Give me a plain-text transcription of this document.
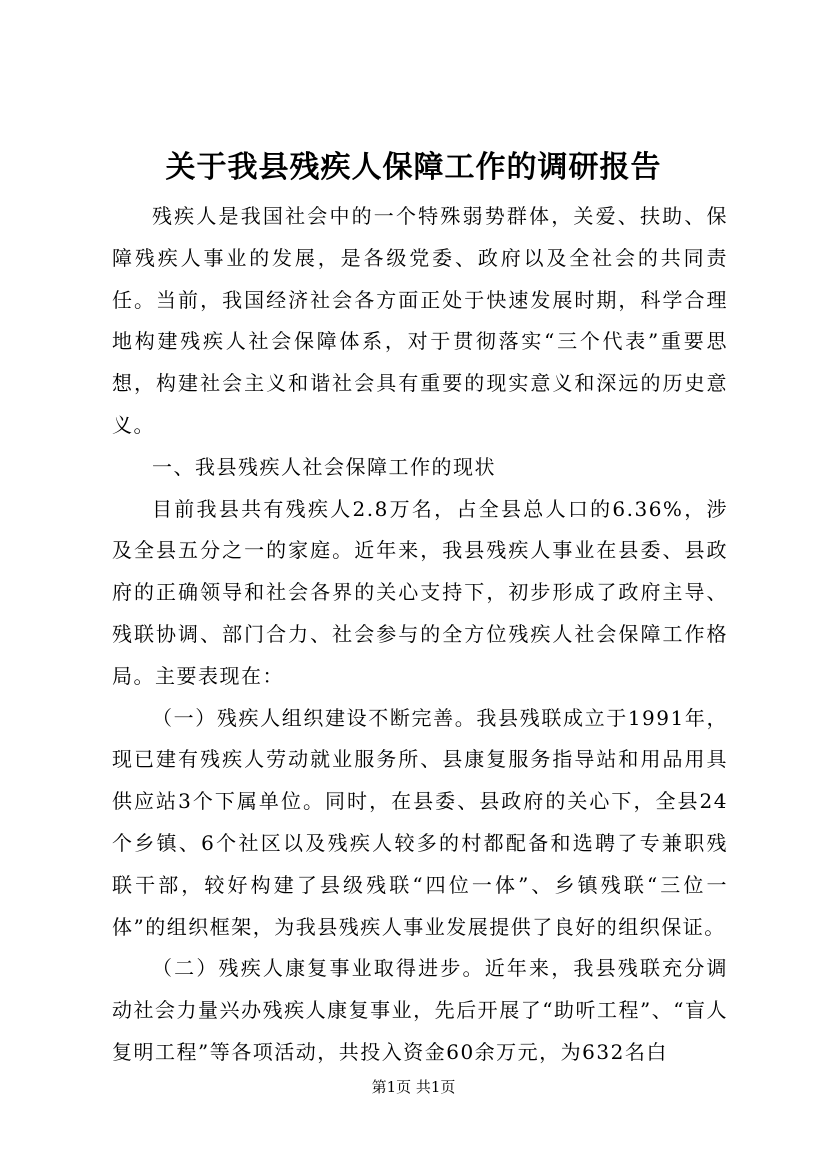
关于我县残疾人保障工作的调研报告

残疾人是我国社会中的一个特殊弱势群体，关爱、扶助、保障残疾人事业的发展，是各级党委、政府以及全社会的共同责任。当前，我国经济社会各方面正处于快速发展时期，科学合理地构建残疾人社会保障体系，对于贯彻落实“三个代表”重要思想，构建社会主义和谐社会具有重要的现实意义和深远的历史意义。

一、我县残疾人社会保障工作的现状

目前我县共有残疾人2.8万名，占全县总人口的6.36%，涉及全县五分之一的家庭。近年来，我县残疾人事业在县委、县政府的正确领导和社会各界的关心支持下，初步形成了政府主导、残联协调、部门合力、社会参与的全方位残疾人社会保障工作格局。主要表现在：

（一）残疾人组织建设不断完善。我县残联成立于1991年，现已建有残疾人劳动就业服务所、县康复服务指导站和用品用具供应站3个下属单位。同时，在县委、县政府的关心下，全县24个乡镇、6个社区以及残疾人较多的村都配备和选聘了专兼职残联干部，较好构建了县级残联“四位一体”、乡镇残联“三位一体”的组织框架，为我县残疾人事业发展提供了良好的组织保证。

（二）残疾人康复事业取得进步。近年来，我县残联充分调动社会力量兴办残疾人康复事业，先后开展了“助听工程”、“盲人复明工程”等各项活动，共投入资金60余万元，为632名白

第1页 共1页
